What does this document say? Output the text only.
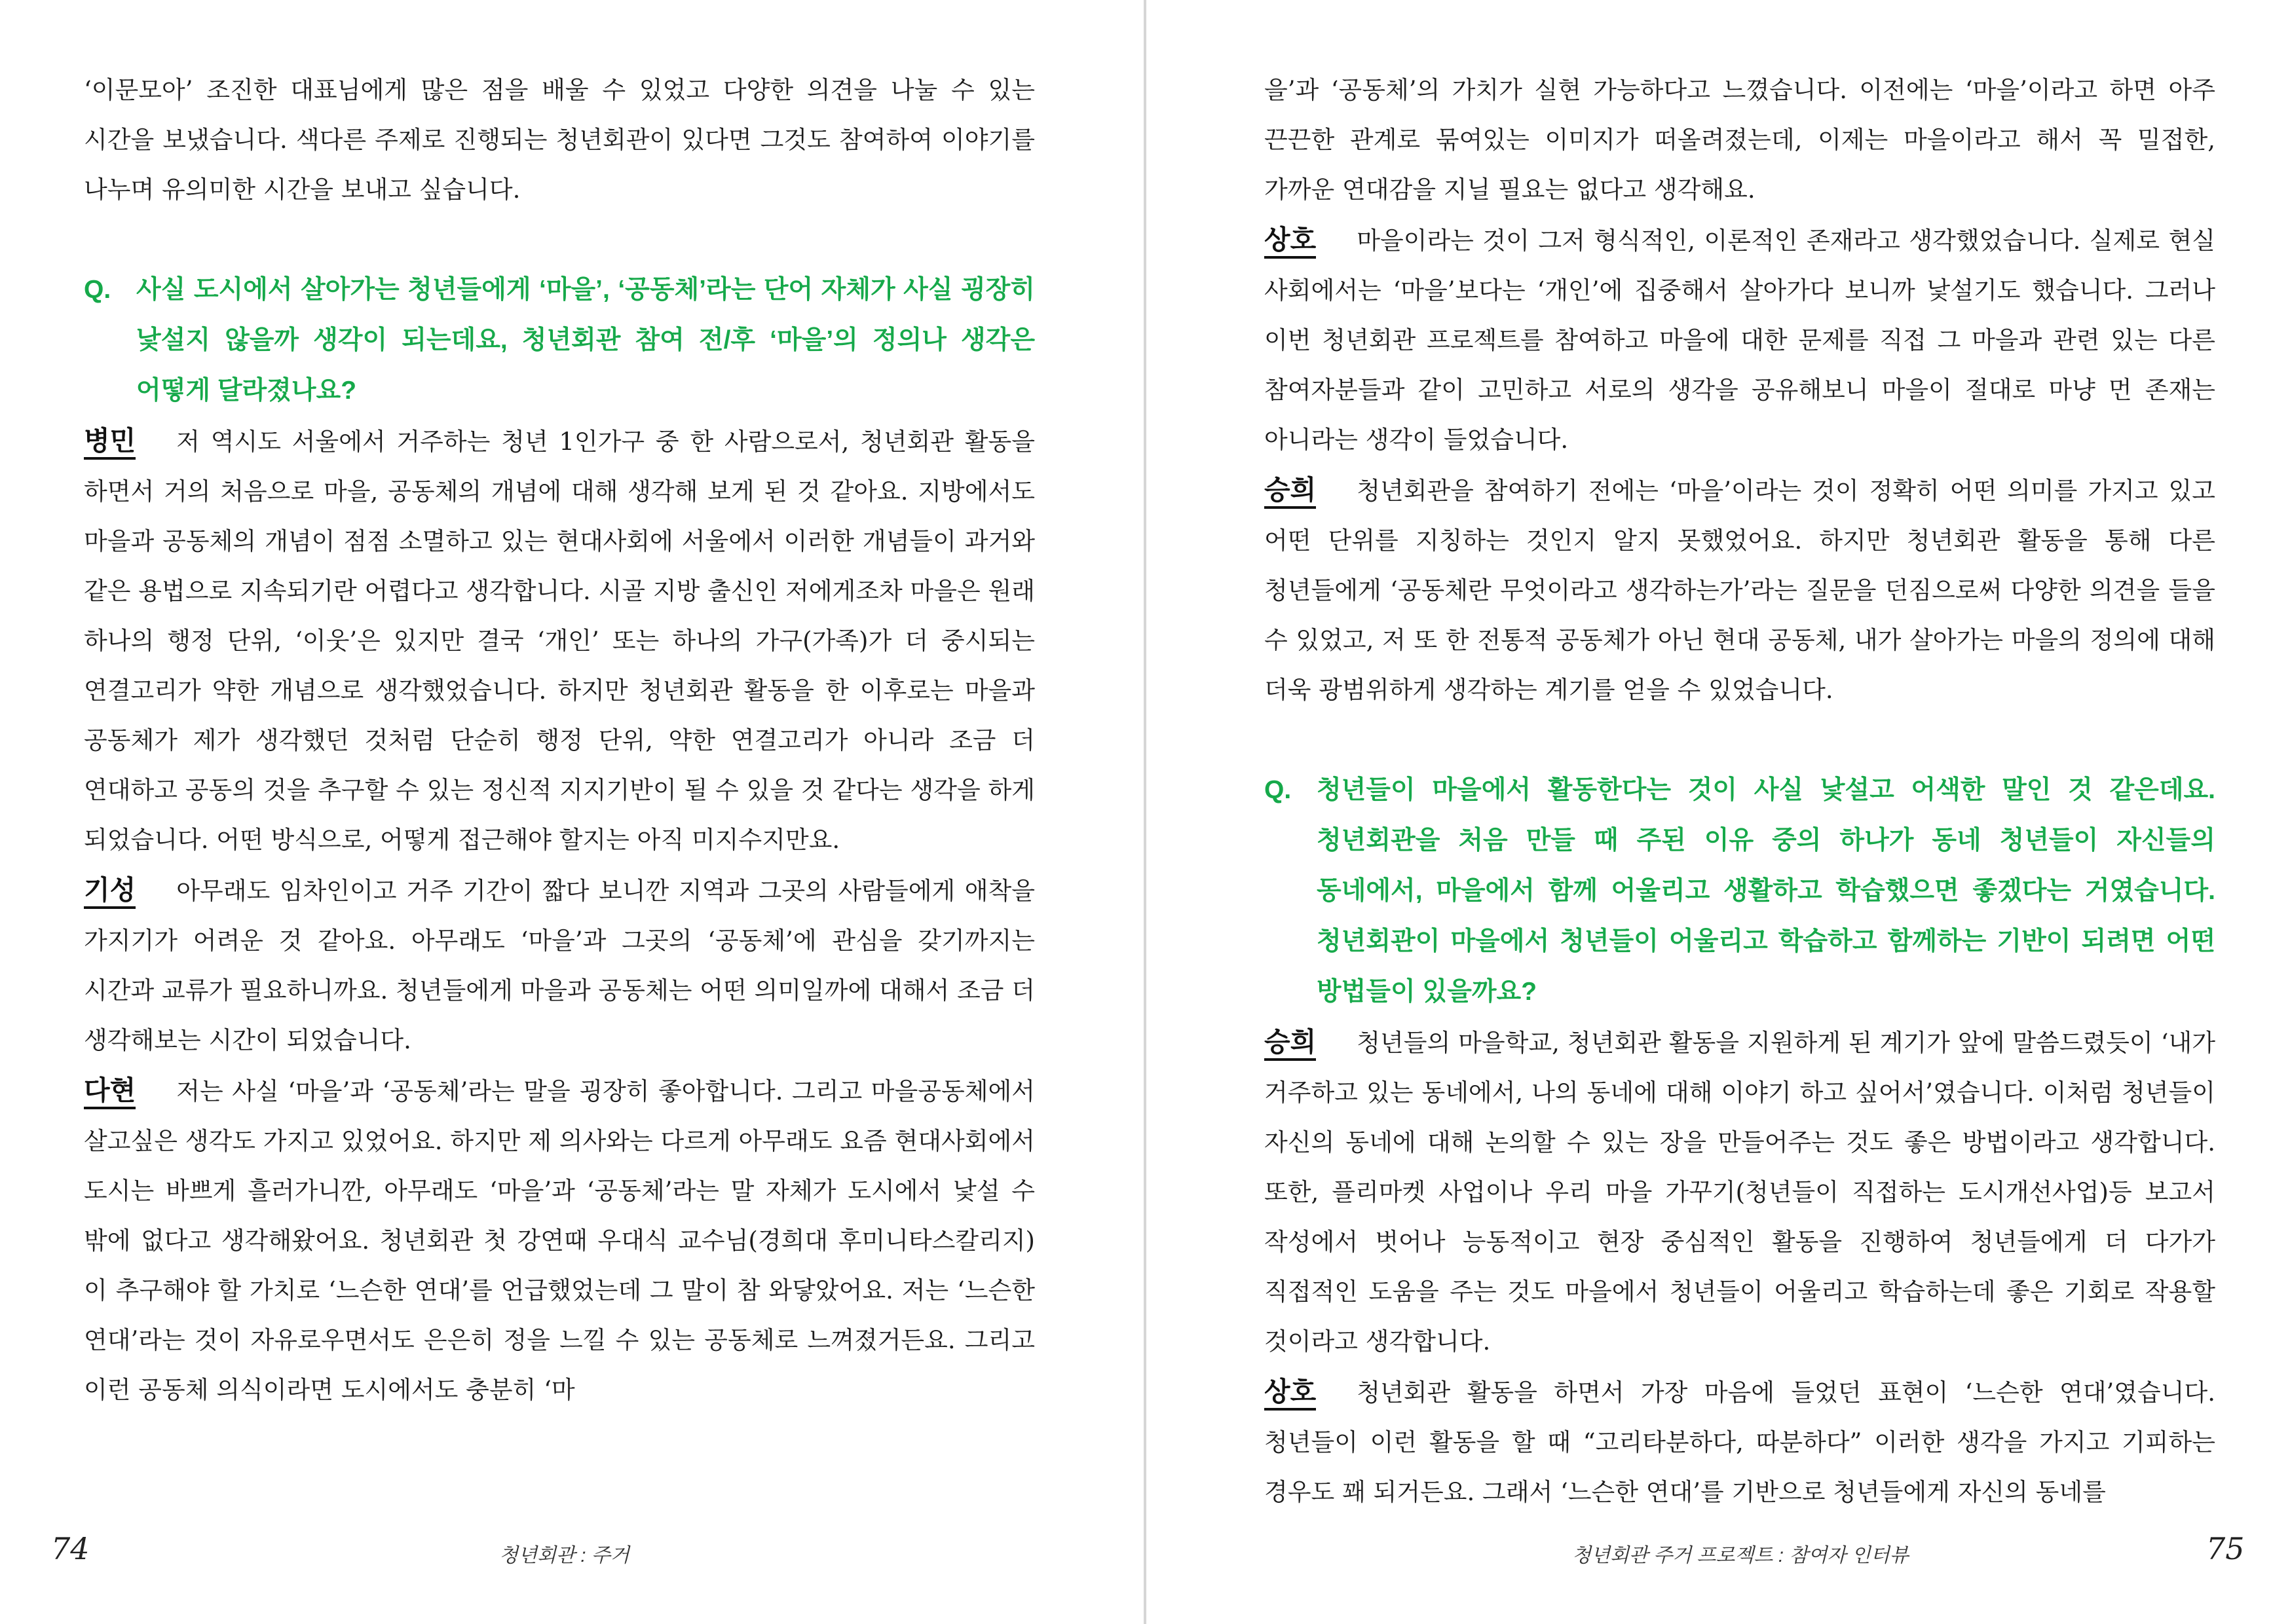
‘이문모아’ 조진한 대표님에게 많은 점을 배울 수 있었고 다양한 의견을 나눌 수 있는 시간을 보냈습니다. 색다른 주제로 진행되는 청년회관이 있다면 그것도 참여하여 이야기를 나누며 유의미한 시간을 보내고 싶습니다.

Q. 사실 도시에서 살아가는 청년들에게 ‘마을’, ‘공동체’라는 단어 자체가 사실 굉장히 낯설지 않을까 생각이 되는데요, 청년회관 참여 전/후 ‘마을’의 정의나 생각은 어떻게 달라졌나요?

병민 저 역시도 서울에서 거주하는 청년 1인가구 중 한 사람으로서, 청년회관 활동을 하면서 거의 처음으로 마을, 공동체의 개념에 대해 생각해 보게 된 것 같아요. 지방에서도 마을과 공동체의 개념이 점점 소멸하고 있는 현대사회에 서울에서 이러한 개념들이 과거와 같은 용법으로 지속되기란 어렵다고 생각합니다. 시골 지방 출신인 저에게조차 마을은 원래 하나의 행정 단위, ‘이웃’은 있지만 결국 ‘개인’ 또는 하나의 가구(가족)가 더 중시되는 연결고리가 약한 개념으로 생각했었습니다. 하지만 청년회관 활동을 한 이후로는 마을과 공동체가 제가 생각했던 것처럼 단순히 행정 단위, 약한 연결고리가 아니라 조금 더 연대하고 공동의 것을 추구할 수 있는 정신적 지지기반이 될 수 있을 것 같다는 생각을 하게 되었습니다. 어떤 방식으로, 어떻게 접근해야 할지는 아직 미지수지만요.

기성 아무래도 임차인이고 거주 기간이 짧다 보니깐 지역과 그곳의 사람들에게 애착을 가지기가 어려운 것 같아요. 아무래도 ‘마을’과 그곳의 ‘공동체’에 관심을 갖기까지는 시간과 교류가 필요하니까요. 청년들에게 마을과 공동체는 어떤 의미일까에 대해서 조금 더 생각해보는 시간이 되었습니다.

다현 저는 사실 ‘마을’과 ‘공동체’라는 말을 굉장히 좋아합니다. 그리고 마을공동체에서 살고싶은 생각도 가지고 있었어요. 하지만 제 의사와는 다르게 아무래도 요즘 현대사회에서 도시는 바쁘게 흘러가니깐, 아무래도 ‘마을’과 ‘공동체’라는 말 자체가 도시에서 낯설 수 밖에 없다고 생각해왔어요. 청년회관 첫 강연때 우대식 교수님(경희대 후미니타스칼리지)이 추구해야 할 가치로 ‘느슨한 연대’를 언급했었는데 그 말이 참 와닿았어요. 저는 ‘느슨한 연대’라는 것이 자유로우면서도 은은히 정을 느낄 수 있는 공동체로 느껴졌거든요. 그리고 이런 공동체 의식이라면 도시에서도 충분히 ‘마

74	청년회관 : 주거

을’과 ‘공동체’의 가치가 실현 가능하다고 느꼈습니다. 이전에는 ‘마을’이라고 하면 아주 끈끈한 관계로 묶여있는 이미지가 떠올려졌는데, 이제는 마을이라고 해서 꼭 밀접한, 가까운 연대감을 지닐 필요는 없다고 생각해요.

상호 마을이라는 것이 그저 형식적인, 이론적인 존재라고 생각했었습니다. 실제로 현실 사회에서는 ‘마을’보다는 ‘개인’에 집중해서 살아가다 보니까 낯설기도 했습니다. 그러나 이번 청년회관 프로젝트를 참여하고 마을에 대한 문제를 직접 그 마을과 관련 있는 다른 참여자분들과 같이 고민하고 서로의 생각을 공유해보니 마을이 절대로 마냥 먼 존재는 아니라는 생각이 들었습니다.

승희 청년회관을 참여하기 전에는 ‘마을’이라는 것이 정확히 어떤 의미를 가지고 있고 어떤 단위를 지칭하는 것인지 알지 못했었어요. 하지만 청년회관 활동을 통해 다른 청년들에게 ‘공동체란 무엇이라고 생각하는가’라는 질문을 던짐으로써 다양한 의견을 들을 수 있었고, 저 또 한 전통적 공동체가 아닌 현대 공동체, 내가 살아가는 마을의 정의에 대해 더욱 광범위하게 생각하는 계기를 얻을 수 있었습니다.

Q. 청년들이 마을에서 활동한다는 것이 사실 낯설고 어색한 말인 것 같은데요. 청년회관을 처음 만들 때 주된 이유 중의 하나가 동네 청년들이 자신들의 동네에서, 마을에서 함께 어울리고 생활하고 학습했으면 좋겠다는 거였습니다. 청년회관이 마을에서 청년들이 어울리고 학습하고 함께하는 기반이 되려면 어떤 방법들이 있을까요?

승희 청년들의 마을학교, 청년회관 활동을 지원하게 된 계기가 앞에 말씀드렸듯이 ‘내가 거주하고 있는 동네에서, 나의 동네에 대해 이야기 하고 싶어서’였습니다. 이처럼 청년들이 자신의 동네에 대해 논의할 수 있는 장을 만들어주는 것도 좋은 방법이라고 생각합니다. 또한, 플리마켓 사업이나 우리 마을 가꾸기(청년들이 직접하는 도시개선사업)등 보고서 작성에서 벗어나 능동적이고 현장 중심적인 활동을 진행하여 청년들에게 더 다가가 직접적인 도움을 주는 것도 마을에서 청년들이 어울리고 학습하는데 좋은 기회로 작용할 것이라고 생각합니다.

상호 청년회관 활동을 하면서 가장 마음에 들었던 표현이 ‘느슨한 연대’였습니다. 청년들이 이런 활동을 할 때 “고리타분하다, 따분하다” 이러한 생각을 가지고 기피하는 경우도 꽤 되거든요. 그래서 ‘느슨한 연대’를 기반으로 청년들에게 자신의 동네를

청년회관 주거 프로젝트 : 참여자 인터뷰	75
